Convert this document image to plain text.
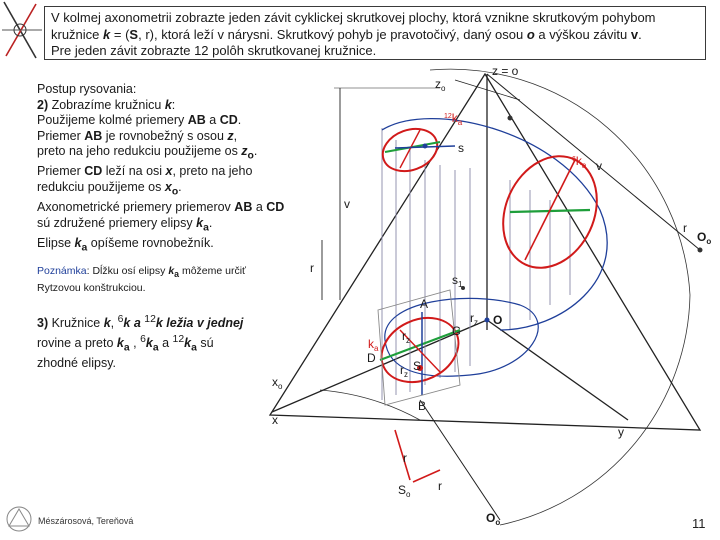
V kolmej axonometrii zobrazte jeden závit cyklickej skrutkovej plochy, ktorá vznikne skrutkovým pohybom
kružnice k = (S, r), ktorá leží v nárysni. Skrutkový pohyb je pravotočivý, daný osou o a výškou závitu v.
Pre jeden závit zobrazte 12 polôh skrutkovanej kružnice.
Postup rysovania:
2) Zobrazíme kružnicu k:
Použijeme kolmé priemery AB a CD.
Priemer AB je rovnobežný s osou z,
preto na jeho redukciu použijeme os $z_o$.
Priemer CD leží na osi x, preto na jeho
redukciu použijeme os $x_o$.
Axonometrické priemery priemerov AB a CD
sú združené priemery elipsy $k_a$.
Elipse $k_a$ opíšeme rovnobežník.
Poznámka: Dĺžku osí elipsy $k_a$ môžeme určiť
Rytzovou konštrukciou.
3) Kružnice k, $^6$k a $^{12}$k ležia v jednej
rovine a preto $k_a$ , $^6k_a$ a $^{12}k_a$ sú
zhodné elipsy.
z = o
$z_o$
$^{12}k_a$
s
$^6k_a$ v
v
r
$O_o$
r
$s_1$
A
$r_z$ O
C
$r_z$
$k_a$
D
$r_z$
S
$x_o$
B
x
y
r
$S_o$
r
$O_o$
Mészárosová, Tereňová	11
